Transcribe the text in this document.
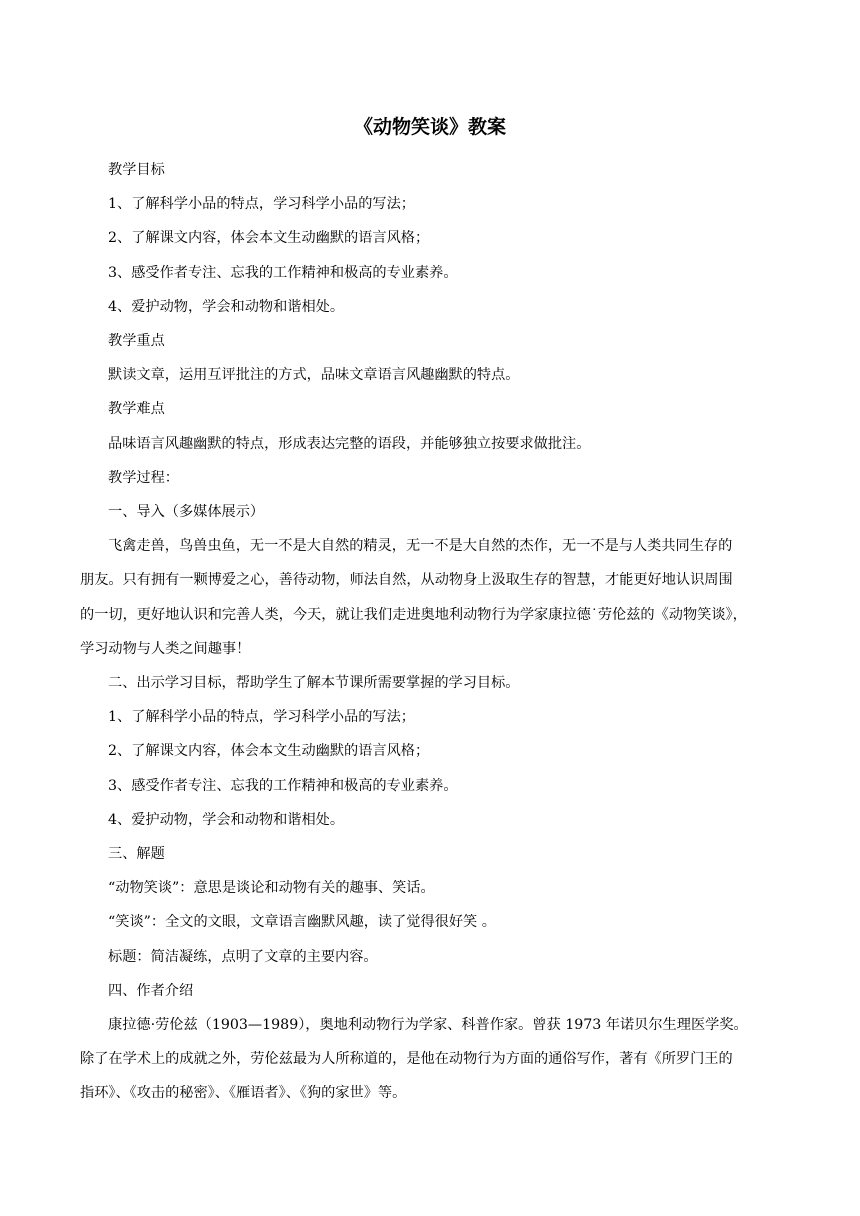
《动物笑谈》教案

教学目标

1、了解科学小品的特点，学习科学小品的写法；

2、了解课文内容，体会本文生动幽默的语言风格；

3、感受作者专注、忘我的工作精神和极高的专业素养。

4、爱护动物，学会和动物和谐相处。

教学重点

默读文章，运用互评批注的方式，品味文章语言风趣幽默的特点。

教学难点

品味语言风趣幽默的特点，形成表达完整的语段，并能够独立按要求做批注。

教学过程：

一、导入（多媒体展示）

飞禽走兽，鸟兽虫鱼，无一不是大自然的精灵，无一不是大自然的杰作，无一不是与人类共同生存的

朋友。只有拥有一颗博爱之心，善待动物，师法自然，从动物身上汲取生存的智慧，才能更好地认识周围

的一切，更好地认识和完善人类，今天，就让我们走进奥地利动物行为学家康拉德˙劳伦兹的《动物笑谈》，

学习动物与人类之间趣事！

二、出示学习目标，帮助学生了解本节课所需要掌握的学习目标。

1、了解科学小品的特点，学习科学小品的写法；

2、了解课文内容，体会本文生动幽默的语言风格；

3、感受作者专注、忘我的工作精神和极高的专业素养。

4、爱护动物，学会和动物和谐相处。

三、解题

“动物笑谈”：意思是谈论和动物有关的趣事、笑话。

“笑谈”：全文的文眼，文章语言幽默风趣，读了觉得很好笑 。

标题：简洁凝练，点明了文章的主要内容。

四、作者介绍

康拉德·劳伦兹（1903—1989），奥地利动物行为学家、科普作家。曾获 1973 年诺贝尔生理医学奖。

除了在学术上的成就之外，劳伦兹最为人所称道的，是他在动物行为方面的通俗写作，著有《所罗门王的

指环》、《攻击的秘密》、《雁语者》、《狗的家世》等。
